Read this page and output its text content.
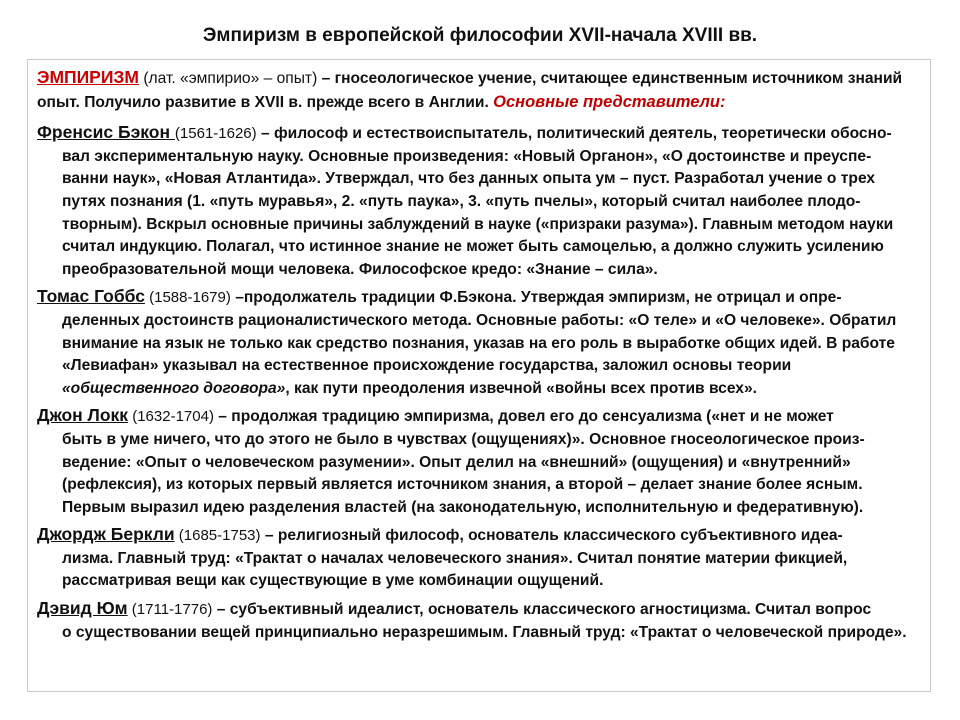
Эмпиризм в европейской философии XVII-начала XVIII вв.
ЭМПИРИЗМ (лат. «эмпирио» – опыт) – гносеологическое учение, считающее единственным источником знаний опыт. Получило развитие в XVII в. прежде всего в Англии. Основные представители:
Френсис Бэкон (1561-1626) – философ и естествоиспытатель, политический деятель, теоретически обосно-
вал экспериментальную науку. Основные произведения: «Новый Органон», «О достоинстве и преуспе-ванни наук», «Новая Атлантида». Утверждал, что без данных опыта ум – пуст. Разработал учение о трех путях познания (1. «путь муравья», 2. «путь паука», 3. «путь пчелы», который считал наиболее плодо-творным). Вскрыл основные причины заблуждений в науке («призраки разума»). Главным методом науки считал индукцию. Полагал, что истинное знание не может быть самоцелью, а должно служить усилению преобразовательной мощи человека. Философское кредо: «Знание – сила».
Томас Гоббс (1588-1679) –продолжатель традиции Ф.Бэкона. Утверждая эмпиризм, не отрицал и опре-
деленных достоинств рационалистического метода. Основные работы: «О теле» и «О человеке». Обратил внимание на язык не только как средство познания, указав на его роль в выработке общих идей. В работе «Левиафан» указывал на естественное происхождение государства, заложил основы теории «общественного договора», как пути преодоления извечной «войны всех против всех».
Джон Локк (1632-1704) – продолжая традицию эмпиризма, довел его до сенсуализма («нет и не может
быть в уме ничего, что до этого не было в чувствах (ощущениях)». Основное гносеологическое произ-ведение: «Опыт о человеческом разумении». Опыт делил на «внешний» (ощущения) и «внутренний» (рефлексия), из которых первый является источником знания, а второй – делает знание более ясным. Первым выразил идею разделения властей (на законодательную, исполнительную и федеративную).
Джордж Беркли (1685-1753) – религиозный философ, основатель классического субъективного идеа-
лизма. Главный труд: «Трактат о началах человеческого знания». Считал понятие материи фикцией, рассматривая вещи как существующие в уме комбинации ощущений.
Дэвид Юм (1711-1776) – субъективный идеалист, основатель классического агностицизма. Считал вопрос
о существовании вещей принципиально неразрешимым. Главный труд: «Трактат о человеческой природе».
